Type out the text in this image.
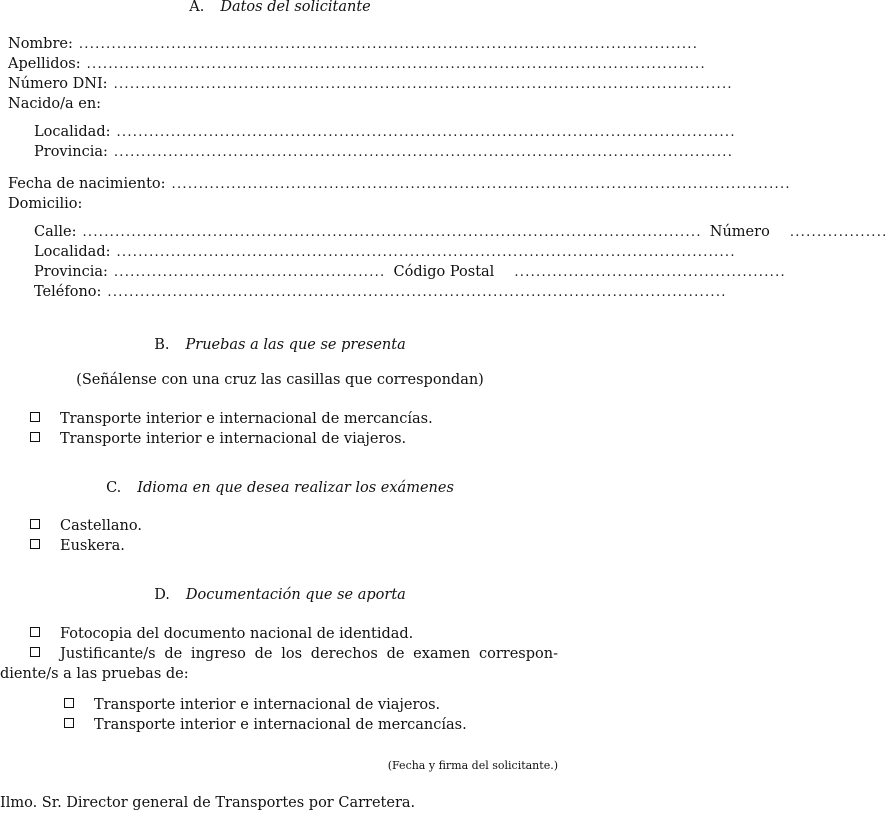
A. Datos del solicitante
Nombre: ..................................................................................................................
Apellidos: ..................................................................................................................
Número DNI: ..................................................................................................................
Nacido/a en:
Localidad: ..................................................................................................................
Provincia: ..................................................................................................................
Fecha de nacimiento: ..................................................................................................................
Domicilio:
Calle: .................................................................................................................. Número ..................
Localidad: ..................................................................................................................
Provincia: .................................................. Código Postal ..................................................
Teléfono: ..................................................................................................................
B. Pruebas a las que se presenta
(Señálense con una cruz las casillas que correspondan)
Transporte interior e internacional de mercancías.
Transporte interior e internacional de viajeros.
C. Idioma en que desea realizar los exámenes
Castellano.
Euskera.
D. Documentación que se aporta
Fotocopia del documento nacional de identidad.
Justificante/s de ingreso de los derechos de examen correspon-
diente/s a las pruebas de:
Transporte interior e internacional de viajeros.
Transporte interior e internacional de mercancías.
(Fecha y firma del solicitante.)
Ilmo. Sr. Director general de Transportes por Carretera.
